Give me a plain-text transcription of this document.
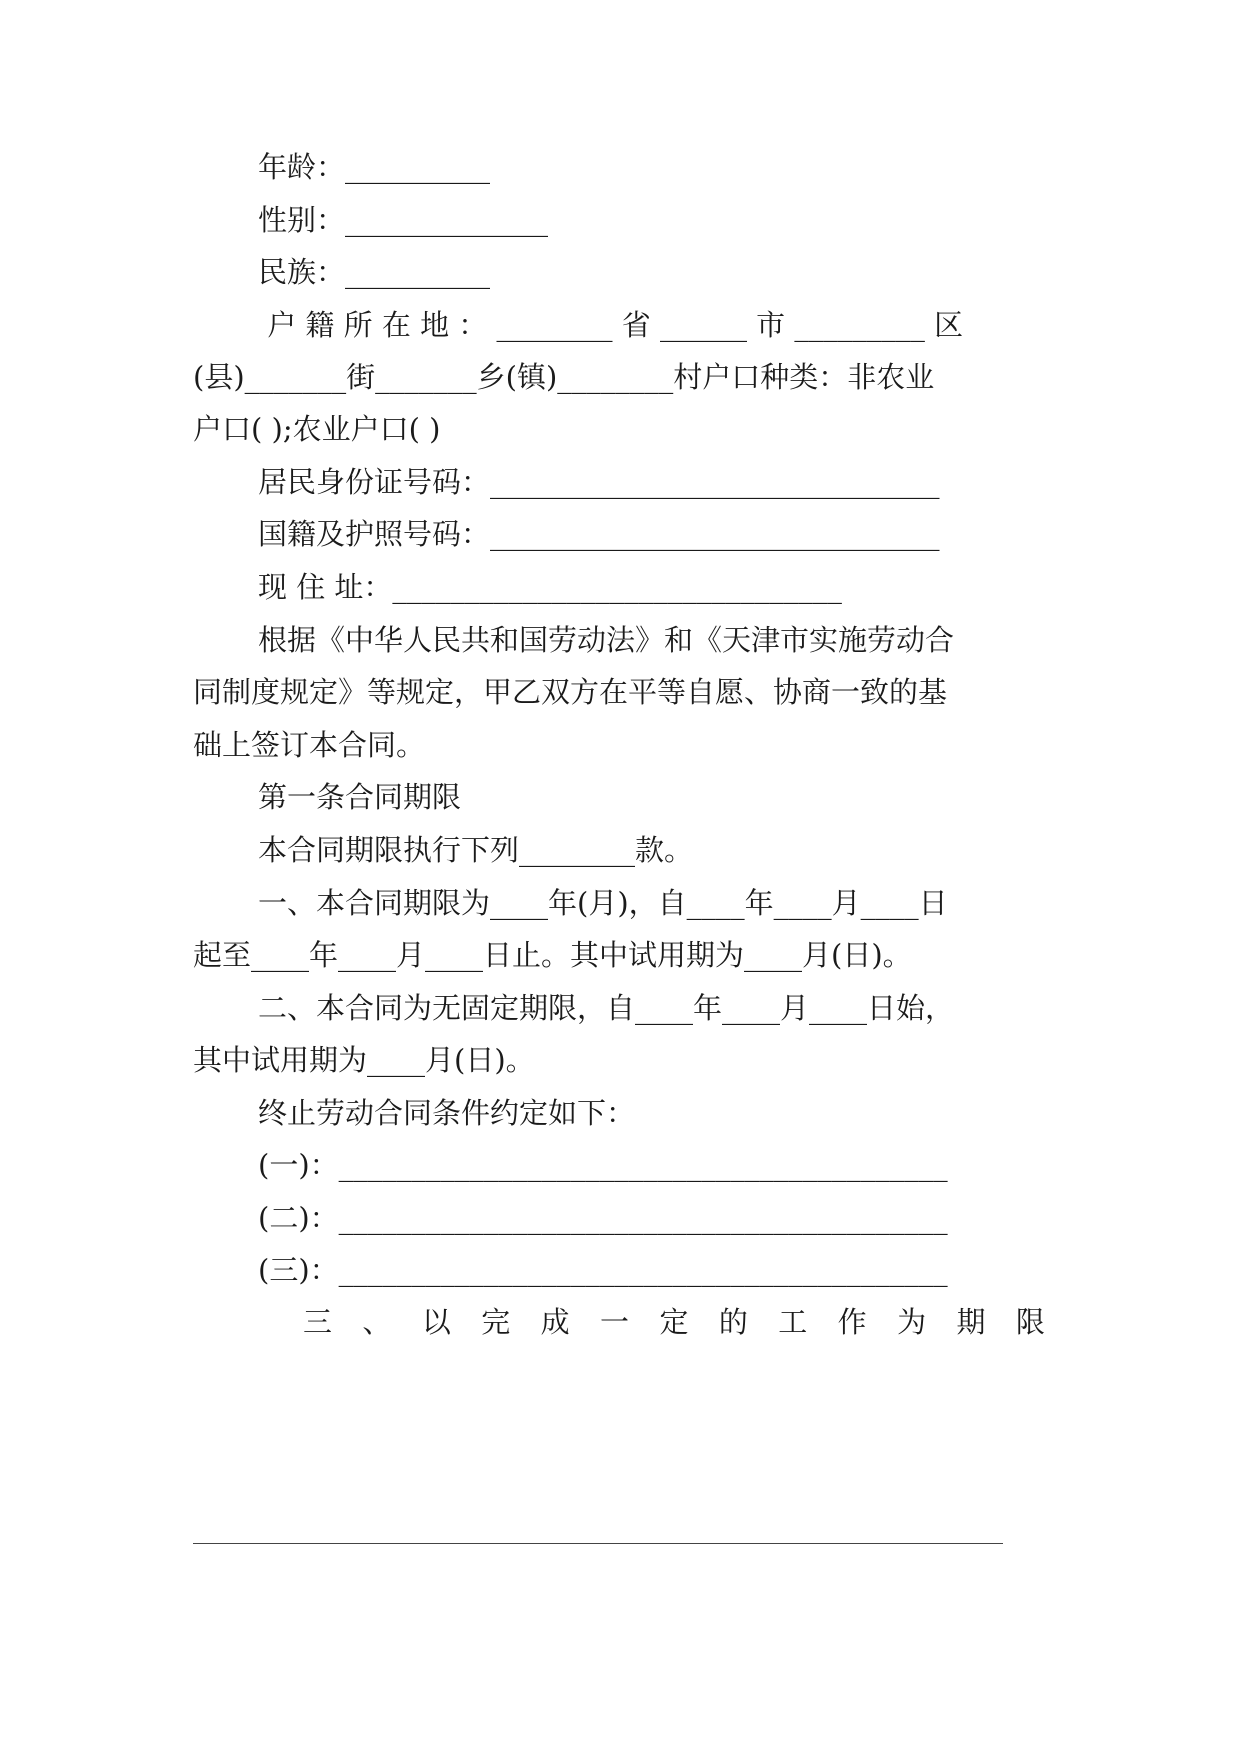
年龄：__________
性别：______________
民族：__________
户 籍 所 在 地 ： ________ 省 ______ 市 _________ 区
(县)_______街_______乡(镇)________村户口种类：非农业
户口( );农业户口( )
居民身份证号码：_______________________________
国籍及护照号码：_______________________________
现 住 址：_______________________________
根据《中华人民共和国劳动法》和《天津市实施劳动合
同制度规定》等规定，甲乙双方在平等自愿、协商一致的基
础上签订本合同。
第一条合同期限
本合同期限执行下列________款。
一、本合同期限为____年(月)，自____年____月____日
起至____年____月____日止。其中试用期为____月(日)。
二、本合同为无固定期限，自____年____月____日始，
其中试用期为____月(日)。
终止劳动合同条件约定如下：
(一)：__________________________________________
(二)：__________________________________________
(三)：__________________________________________
三 、 以 完 成 一 定 的 工 作 为 期 限
